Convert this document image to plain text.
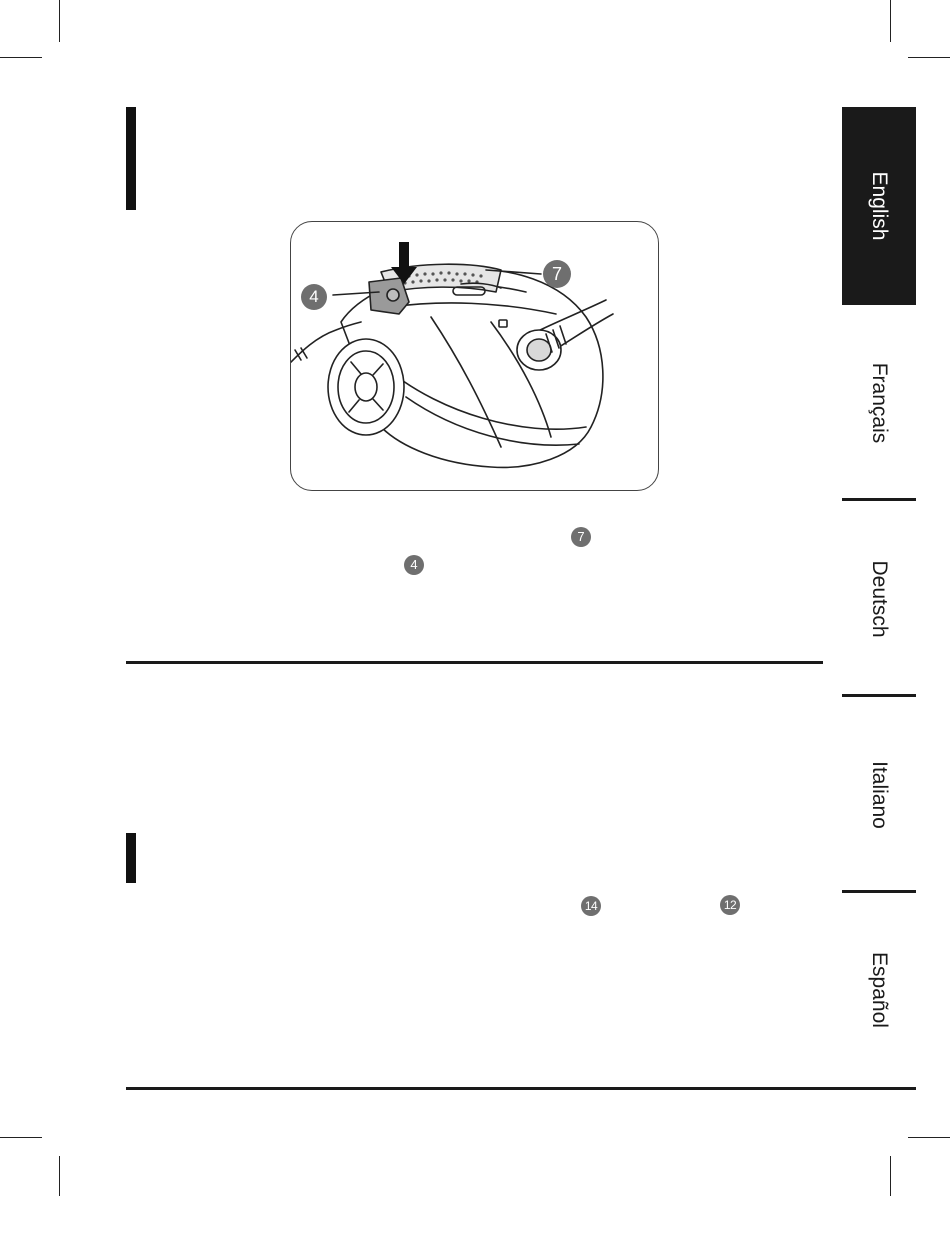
4
7
7
4
14	12
English
Français
Deutsch
Italiano
Español
